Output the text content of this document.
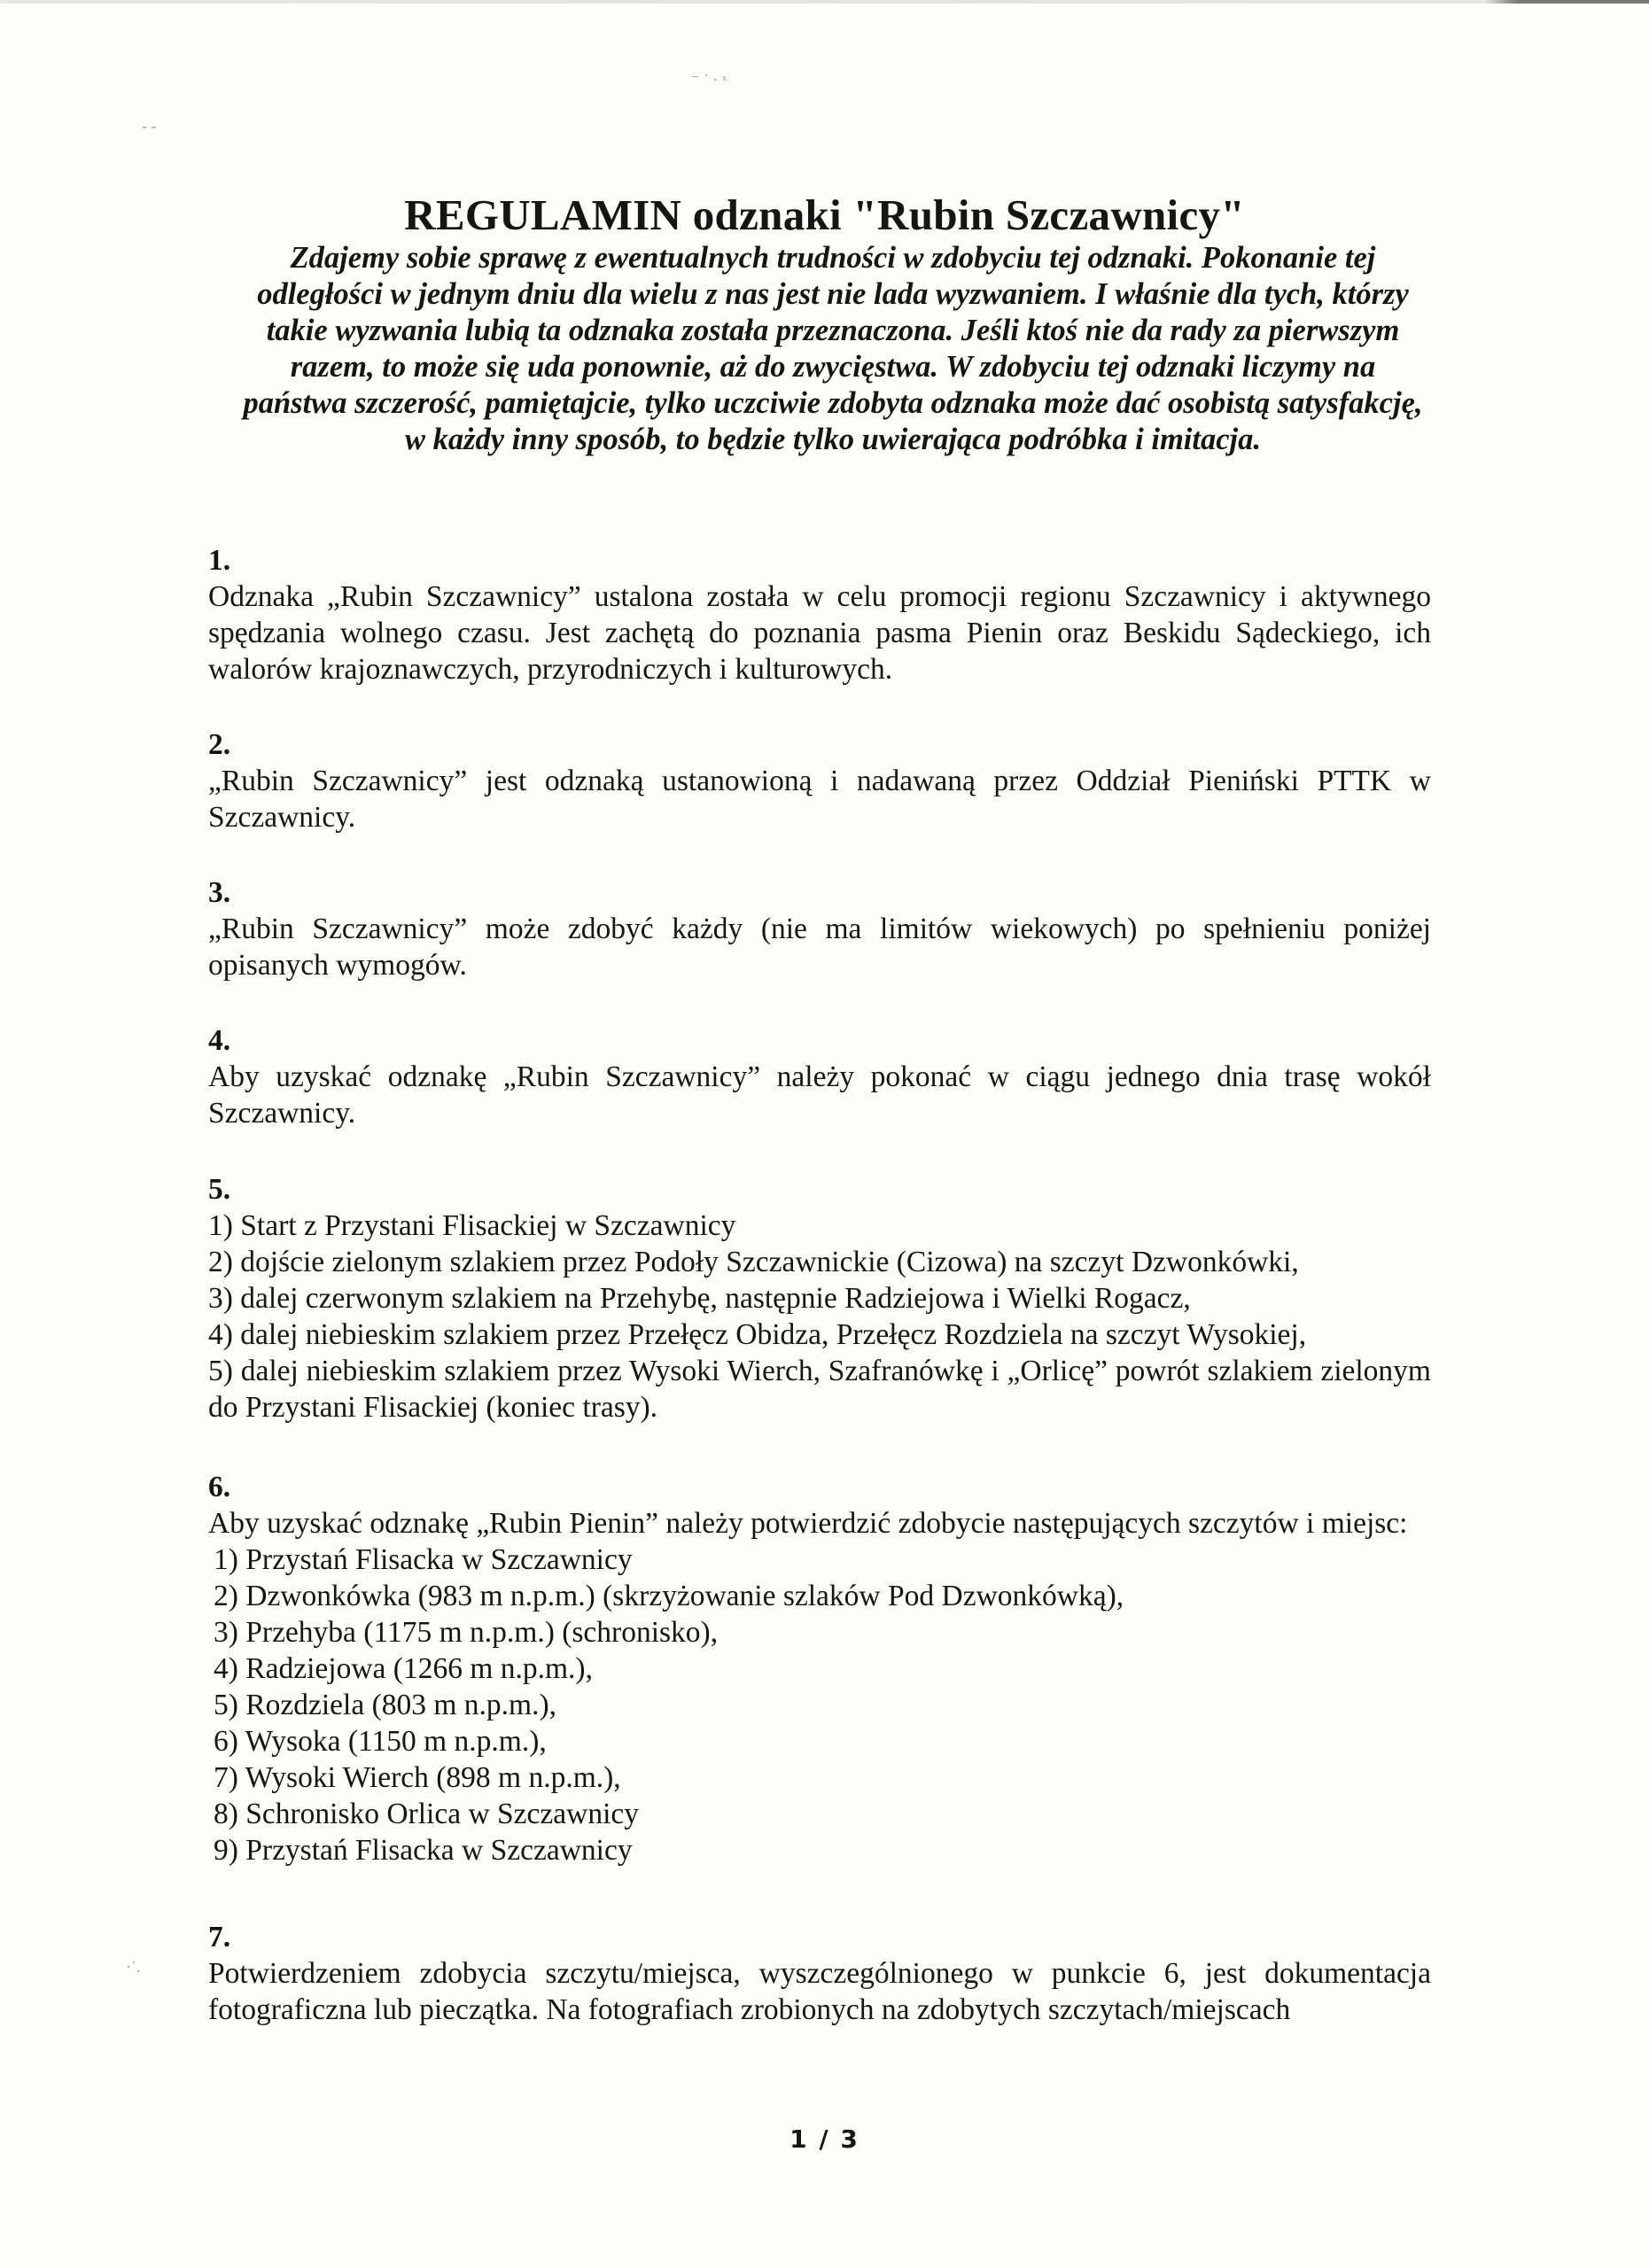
- -
⁻ ˙ · ˣ
·˙.
REGULAMIN odznaki "Rubin Szczawnicy"

Zdajemy sobie sprawę z ewentualnych trudności w zdobyciu tej odznaki. Pokonanie tej odległości w jednym dniu dla wielu z nas jest nie lada wyzwaniem. I właśnie dla tych, którzy takie wyzwania lubią ta odznaka została przeznaczona. Jeśli ktoś nie da rady za pierwszym razem, to może się uda ponownie, aż do zwycięstwa. W zdobyciu tej odznaki liczymy na państwa szczerość, pamiętajcie, tylko uczciwie zdobyta odznaka może dać osobistą satysfakcję, w każdy inny sposób, to będzie tylko uwierająca podróbka i imitacja.

1.

Odznaka „Rubin Szczawnicy” ustalona została w celu promocji regionu Szczawnicy i aktywnego spędzania wolnego czasu. Jest zachętą do poznania pasma Pienin oraz Beskidu Sądeckiego, ich walorów krajoznawczych, przyrodniczych i kulturowych.

2.

„Rubin Szczawnicy” jest odznaką ustanowioną i nadawaną przez Oddział Pieniński PTTK w Szczawnicy.

3.

„Rubin Szczawnicy” może zdobyć każdy (nie ma limitów wiekowych) po spełnieniu poniżej opisanych wymogów.

4.

Aby uzyskać odznakę „Rubin Szczawnicy” należy pokonać w ciągu jednego dnia trasę wokół Szczawnicy.

5.

1) Start z Przystani Flisackiej w Szczawnicy
2) dojście zielonym szlakiem przez Podoły Szczawnickie (Cizowa) na szczyt Dzwonkówki,
3) dalej czerwonym szlakiem na Przehybę, następnie Radziejowa i Wielki Rogacz,
4) dalej niebieskim szlakiem przez Przełęcz Obidza, Przełęcz Rozdziela na szczyt Wysokiej,
5) dalej niebieskim szlakiem przez Wysoki Wierch, Szafranówkę i „Orlicę” powrót szlakiem zielonym do Przystani Flisackiej (koniec trasy).

6.

Aby uzyskać odznakę „Rubin Pienin” należy potwierdzić zdobycie następujących szczytów i miejsc:

1) Przystań Flisacka w Szczawnicy
2) Dzwonkówka (983 m n.p.m.) (skrzyżowanie szlaków Pod Dzwonkówką),
3) Przehyba (1175 m n.p.m.) (schronisko),
4) Radziejowa (1266 m n.p.m.),
5) Rozdziela (803 m n.p.m.),
6) Wysoka (1150 m n.p.m.),
7) Wysoki Wierch (898 m n.p.m.),
8) Schronisko Orlica w Szczawnicy
9) Przystań Flisacka w Szczawnicy

7.

Potwierdzeniem zdobycia szczytu/miejsca, wyszczególnionego w punkcie 6, jest dokumentacja fotograficzna lub pieczątka. Na fotografiach zrobionych na zdobytych szczytach/miejscach

1 / 3
